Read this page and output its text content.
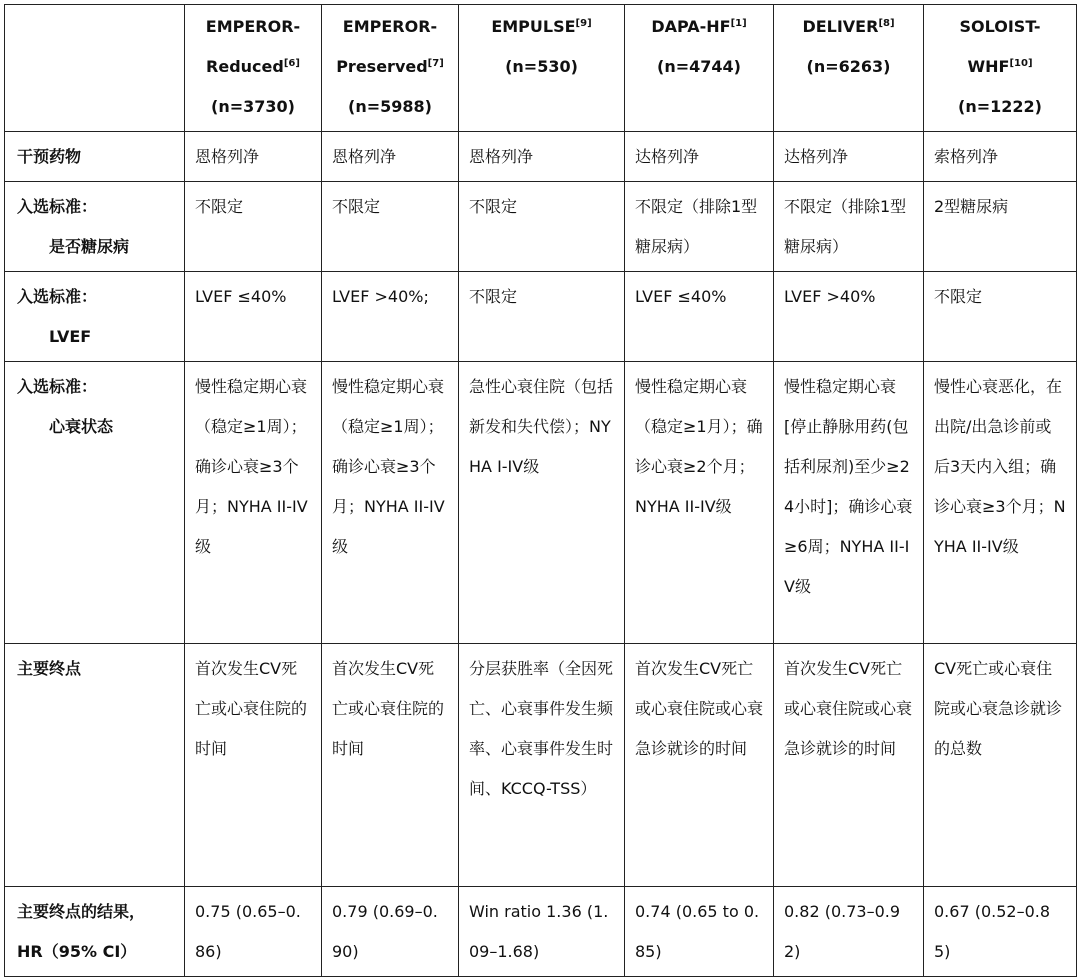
	EMPEROR-
Reduced[6]
(n=3730)	EMPEROR-
Preserved[7]
(n=5988)	EMPULSE[9]
(n=530)	DAPA-HF[1]
(n=4744)	DELIVER[8]
(n=6263)	SOLOIST-
WHF[10]
(n=1222)
干预药物	恩格列净	恩格列净	恩格列净	达格列净	达格列净	索格列净
入选标准：
是否糖尿病	不限定	不限定	不限定	不限定（排除1型糖尿病）	不限定（排除1型糖尿病）	2型糖尿病
入选标准：
LVEF	LVEF ≤40%	LVEF >40%;	不限定	LVEF ≤40%	LVEF >40%	不限定
入选标准：
心衰状态	慢性稳定期心衰（稳定≥1周）；确诊心衰≥3个月；NYHA II-IV级	慢性稳定期心衰（稳定≥1周）；确诊心衰≥3个月；NYHA II-IV级	急性心衰住院（包括新发和失代偿）；NYHA I-IV级	慢性稳定期心衰（稳定≥1月）；确诊心衰≥2个月；NYHA II-IV级	慢性稳定期心衰[停止静脉用药(包括利尿剂)至少≥24小时]；确诊心衰≥6周；NYHA II-IV级	慢性心衰恶化，在出院/出急诊前或后3天内入组；确诊心衰≥3个月；NYHA II-IV级
主要终点	首次发生CV死亡或心衰住院的时间	首次发生CV死亡或心衰住院的时间	分层获胜率（全因死亡、心衰事件发生频率、心衰事件发生时间、KCCQ-TSS）	首次发生CV死亡或心衰住院或心衰急诊就诊的时间	首次发生CV死亡或心衰住院或心衰急诊就诊的时间	CV死亡或心衰住院或心衰急诊就诊的总数
主要终点的结果，
HR（95% CI）	0.75 (0.65–0.86)	0.79 (0.69–0.90)	Win ratio 1.36 (1.09–1.68)	0.74 (0.65 to 0.85)	0.82 (0.73–0.92)	0.67 (0.52–0.85)
